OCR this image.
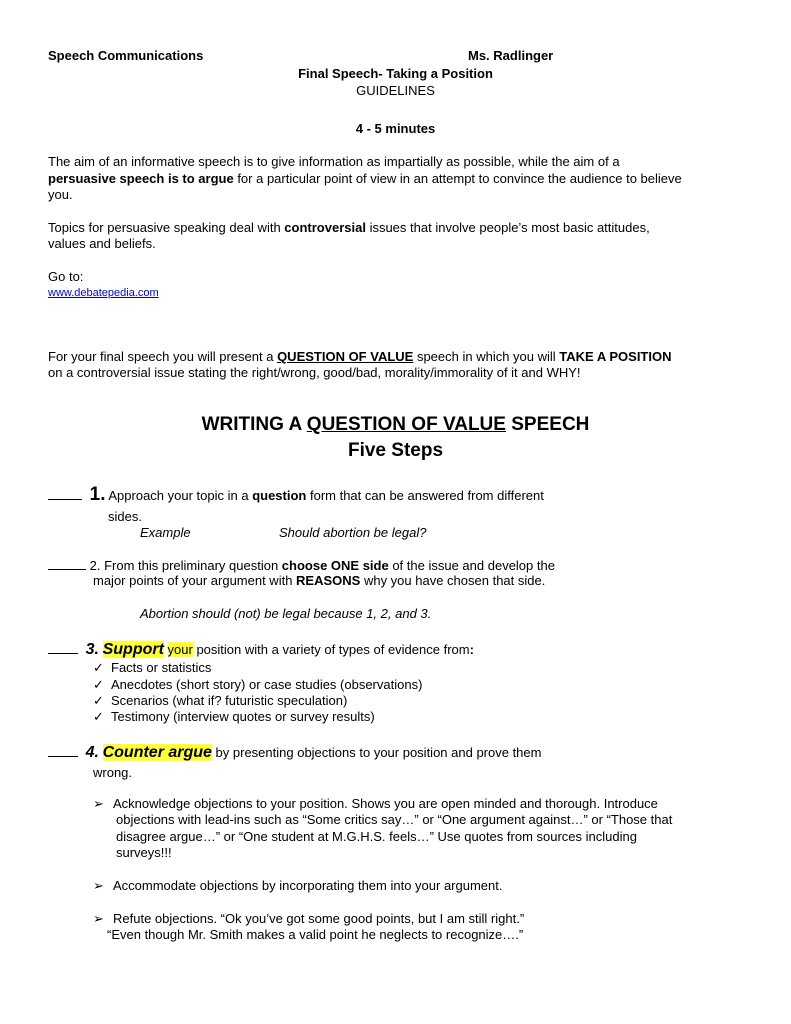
Speech Communications	Ms. Radlinger
Final Speech- Taking a Position
GUIDELINES
4 - 5 minutes
The aim of an informative speech is to give information as impartially as possible, while the aim of a
persuasive speech is to argue for a particular point of view in an attempt to convince the audience to believe
you.
Topics for persuasive speaking deal with controversial issues that involve people’s most basic attitudes,
values and beliefs.
Go to:
www.debatepedia.com
For your final speech you will present a QUESTION OF VALUE speech in which you will TAKE A POSITION
on a controversial issue stating the right/wrong, good/bad, morality/immorality of it and WHY!
WRITING A QUESTION OF VALUE SPEECH
Five Steps
1. Approach your topic in a question form that can be answered from different
sides.
Example	Should abortion be legal?
2. From this preliminary question choose ONE side of the issue and develop the
major points of your argument with REASONS why you have chosen that side.
Abortion should (not) be legal because 1, 2, and 3.
3. Support your position with a variety of types of evidence from:
✓ Facts or statistics
✓ Anecdotes (short story) or case studies (observations)
✓ Scenarios (what if? futuristic speculation)
✓ Testimony (interview quotes or survey results)
4. Counter argue by presenting objections to your position and prove them
wrong.
➢ Acknowledge objections to your position. Shows you are open minded and thorough. Introduce
objections with lead-ins such as “Some critics say…” or “One argument against…” or “Those that
disagree argue…” or “One student at M.G.H.S. feels…” Use quotes from sources including
surveys!!!
➢ Accommodate objections by incorporating them into your argument.
➢ Refute objections. “Ok you’ve got some good points, but I am still right.”
“Even though Mr. Smith makes a valid point he neglects to recognize….”
